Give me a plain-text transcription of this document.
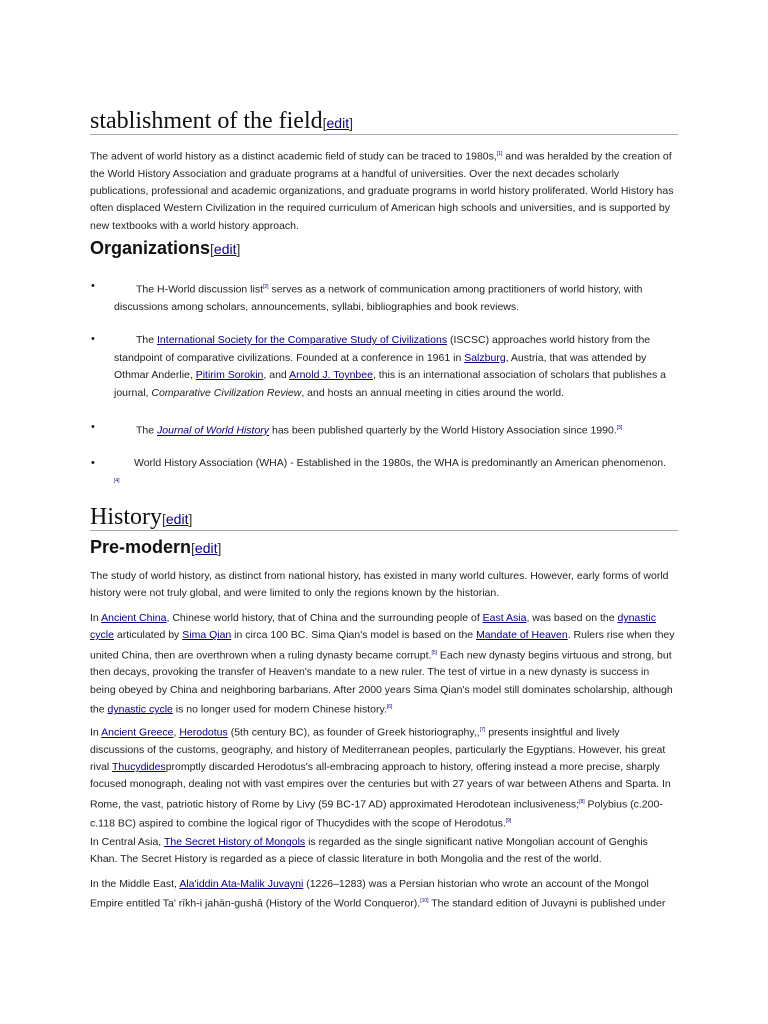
stablishment of the field[edit]
The advent of world history as a distinct academic field of study can be traced to 1980s,[1] and was heralded by the creation of the World History Association and graduate programs at a handful of universities. Over the next decades scholarly publications, professional and academic organizations, and graduate programs in world history proliferated. World History has often displaced Western Civilization in the required curriculum of American high schools and universities, and is supported by new textbooks with a world history approach.
Organizations[edit]
•	The H-World discussion list[2] serves as a network of communication among practitioners of world history, with discussions among scholars, announcements, syllabi, bibliographies and book reviews.
•	The International Society for the Comparative Study of Civilizations (ISCSC) approaches world history from the standpoint of comparative civilizations. Founded at a conference in 1961 in Salzburg, Austria, that was attended by Othmar Anderlie, Pitirim Sorokin, and Arnold J. Toynbee, this is an international association of scholars that publishes a journal, Comparative Civilization Review, and hosts an annual meeting in cities around the world.
•	The Journal of World History has been published quarterly by the World History Association since 1990.[3]
•	World History Association (WHA) - Established in the 1980s, the WHA is predominantly an American phenomenon.
[4]
History[edit]
Pre-modern[edit]
The study of world history, as distinct from national history, has existed in many world cultures. However, early forms of world history were not truly global, and were limited to only the regions known by the historian.
In Ancient China, Chinese world history, that of China and the surrounding people of East Asia, was based on the dynastic cycle articulated by Sima Qian in circa 100 BC. Sima Qian's model is based on the Mandate of Heaven. Rulers rise when they united China, then are overthrown when a ruling dynasty became corrupt.[5] Each new dynasty begins virtuous and strong, but then decays, provoking the transfer of Heaven's mandate to a new ruler. The test of virtue in a new dynasty is success in being obeyed by China and neighboring barbarians. After 2000 years Sima Qian's model still dominates scholarship, although the dynastic cycle is no longer used for modern Chinese history.[6]
In Ancient Greece, Herodotus (5th century BC), as founder of Greek historiography,,[7] presents insightful and lively discussions of the customs, geography, and history of Mediterranean peoples, particularly the Egyptians. However, his great rival Thucydidespromptly discarded Herodotus's all-embracing approach to history, offering instead a more precise, sharply focused monograph, dealing not with vast empires over the centuries but with 27 years of war between Athens and Sparta. In Rome, the vast, patriotic history of Rome by Livy (59 BC-17 AD) approximated Herodotean inclusiveness;[8] Polybius (c.200-c.118 BC) aspired to combine the logical rigor of Thucydides with the scope of Herodotus.[9]
In Central Asia, The Secret History of Mongols is regarded as the single significant native Mongolian account of Genghis Khan. The Secret History is regarded as a piece of classic literature in both Mongolia and the rest of the world.
In the Middle East, Ala'iddin Ata-Malik Juvayni (1226–1283) was a Persian historian who wrote an account of the Mongol Empire entitled Ta' rīkh-i jahān-gushā (History of the World Conqueror).[10] The standard edition of Juvayni is published under
